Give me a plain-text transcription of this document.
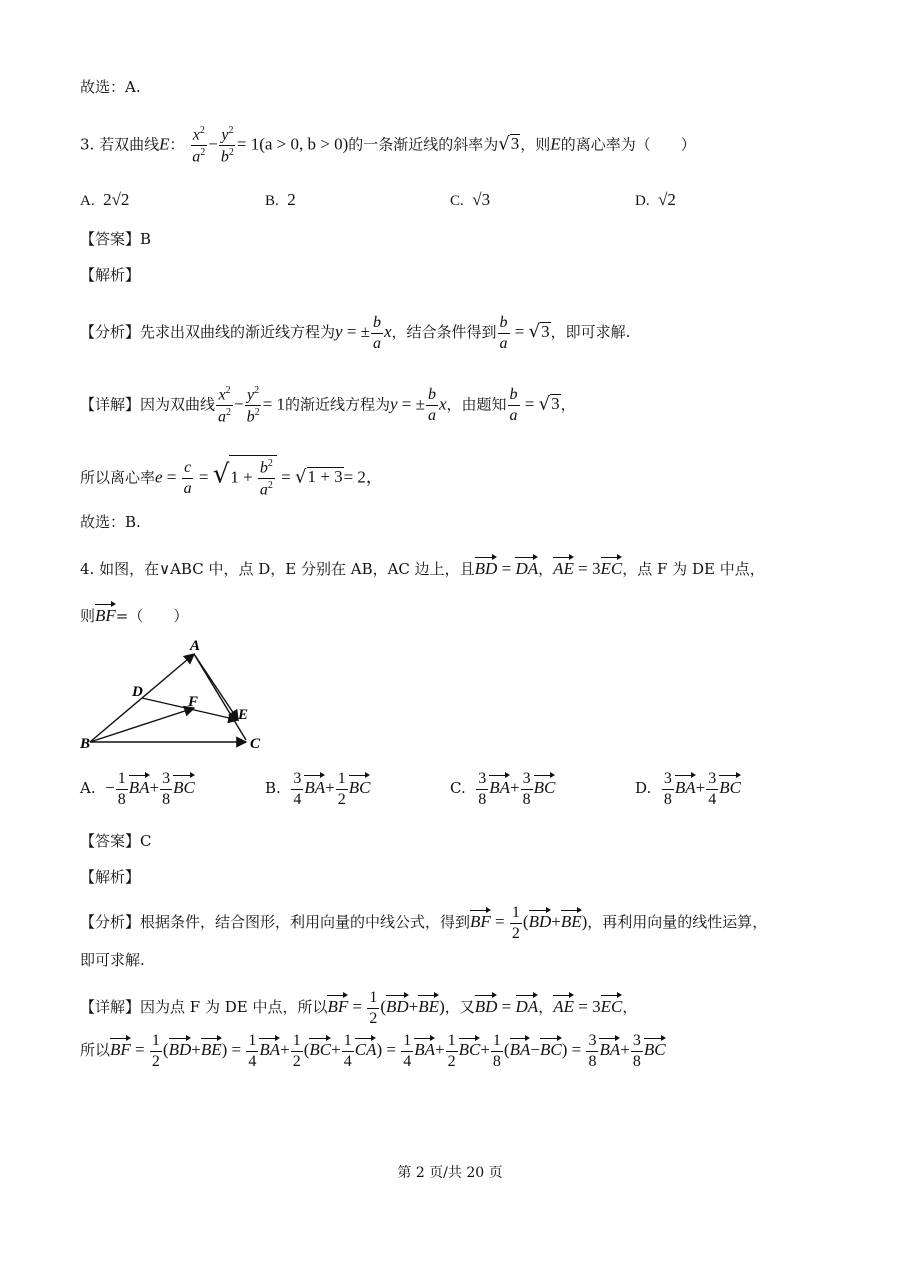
故选：A.
3. 若双曲线E： $\frac{x^2}{a^2} - \frac{y^2}{b^2} = 1(a > 0$, b > 0)的一条渐近线的斜率为√3，则E的离心率为（　　）
A. 2√2	B. 2	C. √3	D. √2
【答案】B
【解析】
【分析】先求出双曲线的渐近线方程为y = ± $\frac{b}{a}$ x，结合条件得到 $\frac{b}{a} = √3$，即可求解.
【详解】因为双曲线 $\frac{x^2}{a^2} - \frac{y^2}{b^2} = 1$的渐近线方程为y = ± $\frac{b}{a}$ x，由题知 $\frac{b}{a} = √3$，
所以离心率$e = \frac{c}{a} = √1 + \frac{b^2}{a^2} = √1 + 3= 2$，
故选：B.
4. 如图，在∨ABC 中，点 D，E 分别在 AB，AC 边上，且BD = DA，AE = 3EC，点 F 为 DE 中点，
则BF=（　　）
A
B	C
D
E
F
A. − $\frac{1}{8} BA+ \frac{3}{8}$ BC	B. $\frac{3}{4} BA+ \frac{1}{2}$ BC	C. $\frac{3}{8} BA+ \frac{3}{8}$ BC	D. $\frac{3}{8} BA+ \frac{3}{4}$ BC
【答案】C
【解析】
【分析】根据条件，结合图形，利用向量的中线公式，得到BF = $\frac{1}{2} (BD+BE)$，再利用向量的线性运算，
即可求解.
【详解】因为点 F 为 DE 中点，所以BF = $\frac{1}{2} (BD+BE)$，又BD = DA，AE = 3EC，
所以BF = $\frac{1}{2} (BD+BE) = \frac{1}{4} BA+ \frac{1}{2} (BC+ \frac{1}{4} CA) = \frac{1}{4} BA+ \frac{1}{2} BC+ \frac{1}{8} (BA-BC) = \frac{3}{8} BA+ \frac{3}{8}$ BC
第 2 页/共 20 页
